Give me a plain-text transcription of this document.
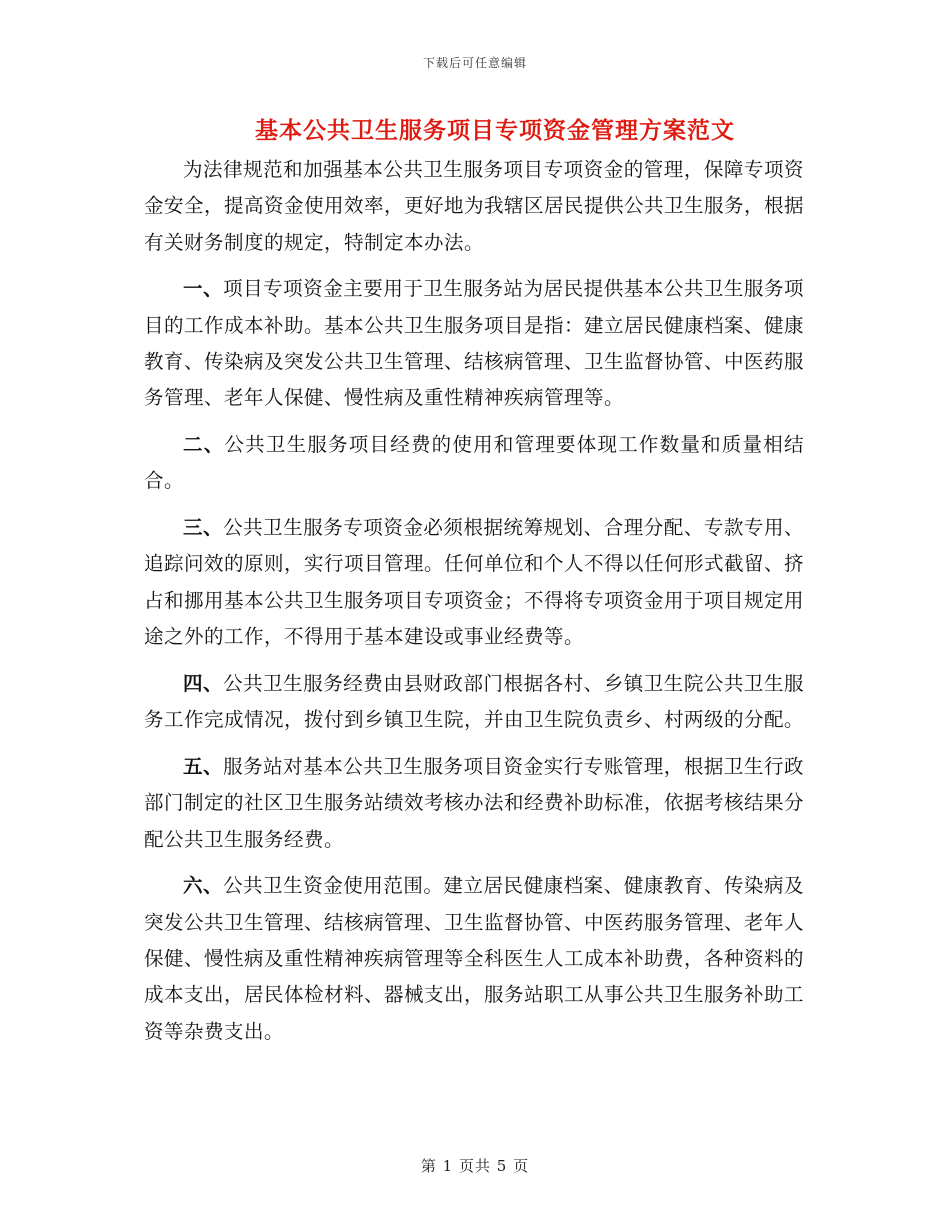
下载后可任意编辑
基本公共卫生服务项目专项资金管理方案范文

为法律规范和加强基本公共卫生服务项目专项资金的管理，保障专项资金安全，提高资金使用效率，更好地为我辖区居民提供公共卫生服务，根据有关财务制度的规定，特制定本办法。

一、项目专项资金主要用于卫生服务站为居民提供基本公共卫生服务项目的工作成本补助。基本公共卫生服务项目是指：建立居民健康档案、健康教育、传染病及突发公共卫生管理、结核病管理、卫生监督协管、中医药服务管理、老年人保健、慢性病及重性精神疾病管理等。

二、公共卫生服务项目经费的使用和管理要体现工作数量和质量相结合。

三、公共卫生服务专项资金必须根据统筹规划、合理分配、专款专用、追踪问效的原则，实行项目管理。任何单位和个人不得以任何形式截留、挤占和挪用基本公共卫生服务项目专项资金；不得将专项资金用于项目规定用途之外的工作，不得用于基本建设或事业经费等。

四、公共卫生服务经费由县财政部门根据各村、乡镇卫生院公共卫生服务工作完成情况，拨付到乡镇卫生院，并由卫生院负责乡、村两级的分配。

五、服务站对基本公共卫生服务项目资金实行专账管理，根据卫生行政部门制定的社区卫生服务站绩效考核办法和经费补助标准，依据考核结果分配公共卫生服务经费。

六、公共卫生资金使用范围。建立居民健康档案、健康教育、传染病及突发公共卫生管理、结核病管理、卫生监督协管、中医药服务管理、老年人保健、慢性病及重性精神疾病管理等全科医生人工成本补助费，各种资料的成本支出，居民体检材料、器械支出，服务站职工从事公共卫生服务补助工资等杂费支出。

第 1 页共 5 页
